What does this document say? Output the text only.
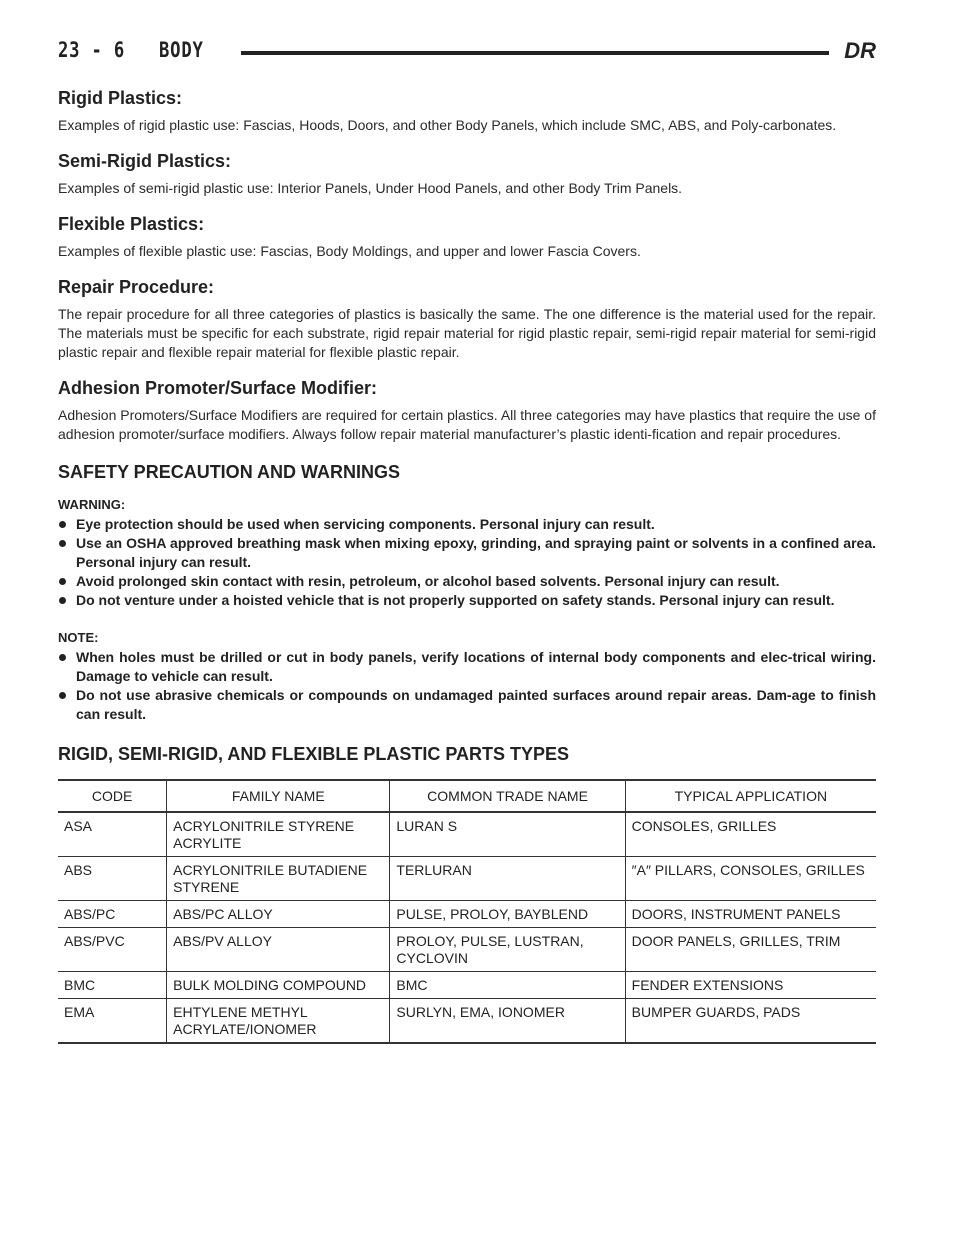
23 - 6 BODY	DR
Rigid Plastics:

Examples of rigid plastic use: Fascias, Hoods, Doors, and other Body Panels, which include SMC, ABS, and Poly-carbonates.

Semi-Rigid Plastics:

Examples of semi-rigid plastic use: Interior Panels, Under Hood Panels, and other Body Trim Panels.

Flexible Plastics:

Examples of flexible plastic use: Fascias, Body Moldings, and upper and lower Fascia Covers.

Repair Procedure:

The repair procedure for all three categories of plastics is basically the same. The one difference is the material used for the repair. The materials must be specific for each substrate, rigid repair material for rigid plastic repair, semi-rigid repair material for semi-rigid plastic repair and flexible repair material for flexible plastic repair.

Adhesion Promoter/Surface Modifier:

Adhesion Promoters/Surface Modifiers are required for certain plastics. All three categories may have plastics that require the use of adhesion promoter/surface modifiers. Always follow repair material manufacturer’s plastic identi-fication and repair procedures.

SAFETY PRECAUTION AND WARNINGS
WARNING:
Eye protection should be used when servicing components. Personal injury can result.
Use an OSHA approved breathing mask when mixing epoxy, grinding, and spraying paint or solvents in a confined area. Personal injury can result.
Avoid prolonged skin contact with resin, petroleum, or alcohol based solvents. Personal injury can result.
Do not venture under a hoisted vehicle that is not properly supported on safety stands. Personal injury can result.
NOTE:
When holes must be drilled or cut in body panels, verify locations of internal body components and elec-trical wiring. Damage to vehicle can result.
Do not use abrasive chemicals or compounds on undamaged painted surfaces around repair areas. Dam-age to finish can result.
RIGID, SEMI-RIGID, AND FLEXIBLE PLASTIC PARTS TYPES
CODE	FAMILY NAME	COMMON TRADE NAME	TYPICAL APPLICATION
ASA	ACRYLONITRILE STYRENE ACRYLITE	LURAN S	CONSOLES, GRILLES
ABS	ACRYLONITRILE BUTADIENE STYRENE	TERLURAN	″A″ PILLARS, CONSOLES, GRILLES
ABS/PC	ABS/PC ALLOY	PULSE, PROLOY, BAYBLEND	DOORS, INSTRUMENT PANELS
ABS/PVC	ABS/PV ALLOY	PROLOY, PULSE, LUSTRAN, CYCLOVIN	DOOR PANELS, GRILLES, TRIM
BMC	BULK MOLDING COMPOUND	BMC	FENDER EXTENSIONS
EMA	EHTYLENE METHYL ACRYLATE/IONOMER	SURLYN, EMA, IONOMER	BUMPER GUARDS, PADS
